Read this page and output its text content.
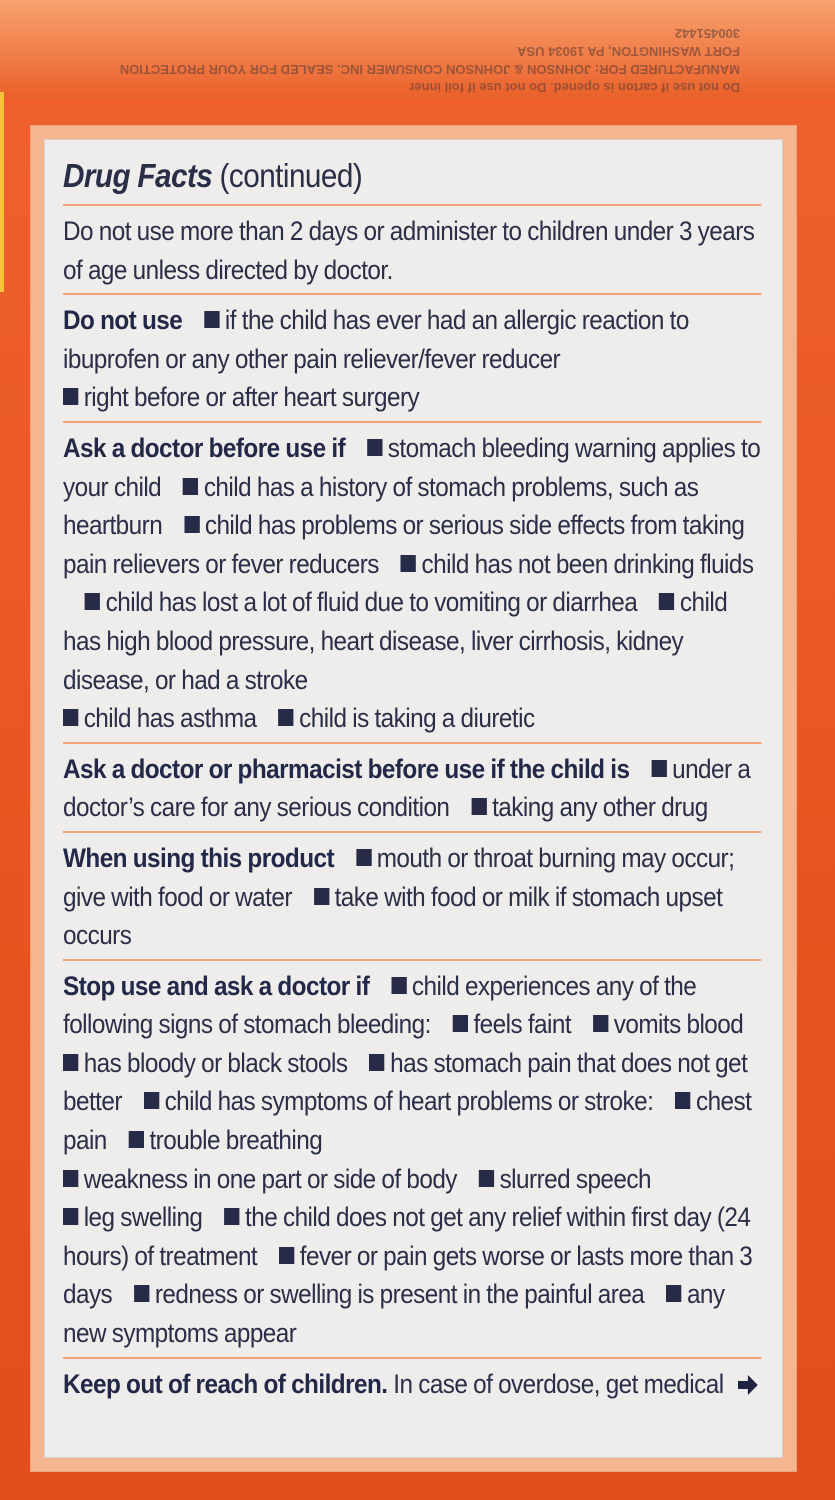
Do not use if carton is opened. Do not use if foil inner
MANUFACTURED FOR: JOHNSON & JOHNSON CONSUMER INC. SEALED FOR YOUR PROTECTION
FORT WASHINGTON, PA 19034 USA
300451442
Drug Facts (continued)
Do not use more than 2 days or administer to children under 3 years of age unless directed by doctor.
Do not use if the child has ever had an allergic reaction to ibuprofen or any other pain reliever/fever reducer
right before or after heart surgery
Ask a doctor before use if stomach bleeding warning applies to your child child has a history of stomach problems, such as heartburn child has problems or serious side effects from taking pain relievers or fever reducers child has not been drinking fluids child has lost a lot of fluid due to vomiting or diarrhea child has high blood pressure, heart disease, liver cirrhosis, kidney disease, or had a stroke
child has asthma child is taking a diuretic
Ask a doctor or pharmacist before use if the child is under a doctor’s care for any serious condition taking any other drug
When using this product mouth or throat burning may occur; give with food or water take with food or milk if stomach upset occurs
Stop use and ask a doctor if child experiences any of the following signs of stomach bleeding: feels faint vomits blood has bloody or black stools has stomach pain that does not get better child has symptoms of heart problems or stroke: chest pain trouble breathing
weakness in one part or side of body slurred speech
leg swelling the child does not get any relief within first day (24 hours) of treatment fever or pain gets worse or lasts more than 3 days redness or swelling is present in the painful area any new symptoms appear
Keep out of reach of children. In case of overdose, get medical
